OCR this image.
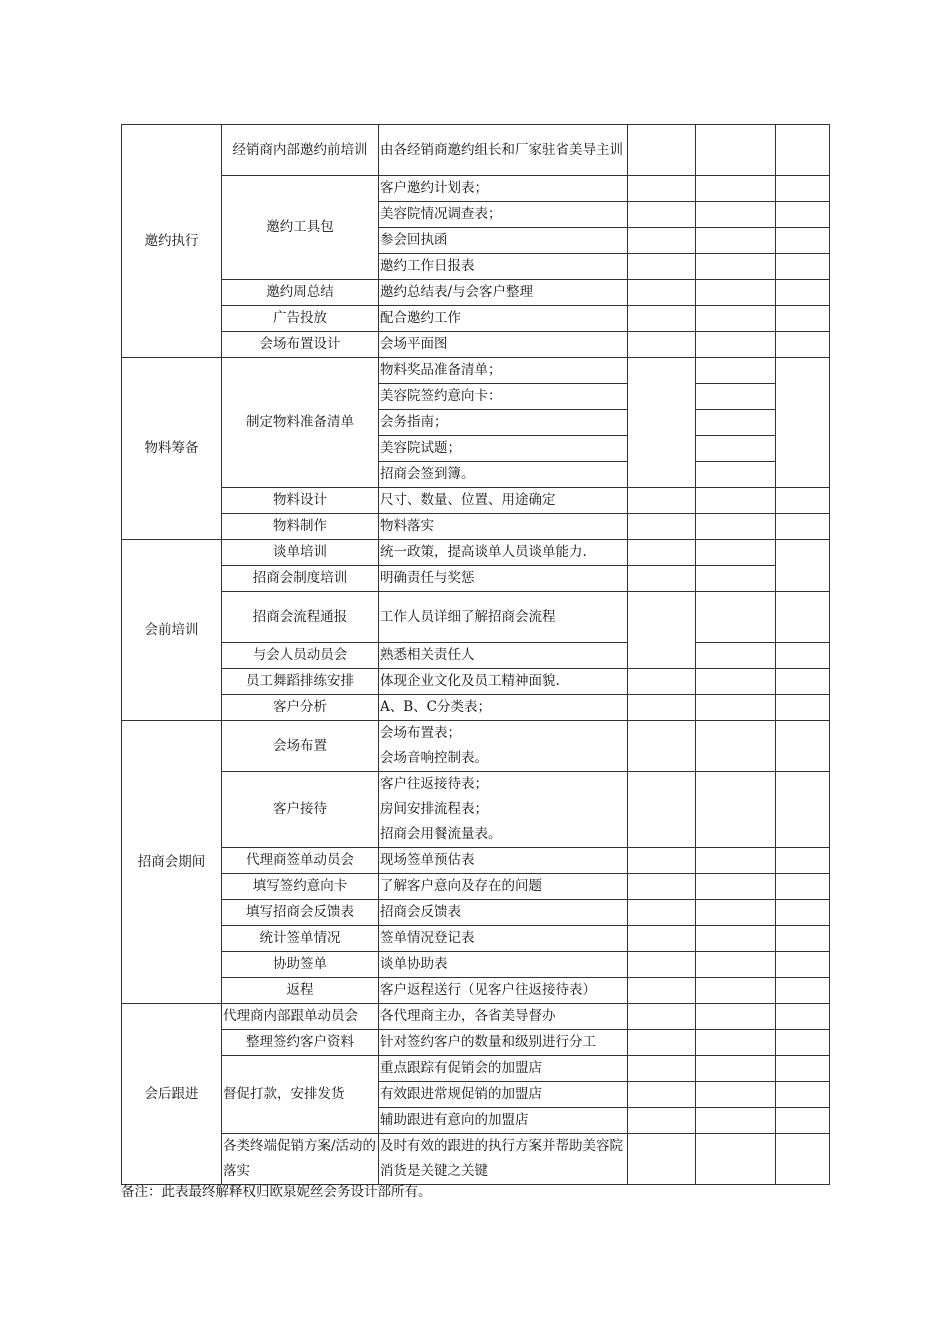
邀约执行	经销商内部邀约前培训	由各经销商邀约组长和厂家驻省美导主训			
	邀约工具包	客户邀约计划表；			
		美容院情况调查表；			
		参会回执函			
		邀约工作日报表			
	邀约周总结	邀约总结表/与会客户整理			
	广告投放	配合邀约工作			
	会场布置设计	会场平面图			
物料筹备	制定物料准备清单	物料奖品准备清单；			
		美容院签约意向卡：			
		会务指南；			
		美容院试题；			
		招商会签到簿。			
	物料设计	尺寸、数量、位置、用途确定			
	物料制作	物料落实			
会前培训	谈单培训	统一政策，提高谈单人员谈单能力.			
	招商会制度培训	明确责任与奖惩			
	招商会流程通报	工作人员详细了解招商会流程			
	与会人员动员会	熟悉相关责任人			
	员工舞蹈排练安排	体现企业文化及员工精神面貌.			
	客户分析	A、B、C分类表；			
招商会期间	会场布置	会场布置表；
会场音响控制表。			

	客户接待	客户往返接待表；
房间安排流程表；
招商会用餐流量表。			

	代理商签单动员会	现场签单预估表			
	填写签约意向卡	了解客户意向及存在的问题			
	填写招商会反馈表	招商会反馈表			
	统计签单情况	签单情况登记表			
	协助签单	谈单协助表			
	返程	客户返程送行（见客户往返接待表）			
会后跟进	代理商内部跟单动员会	各代理商主办，各省美导督办			
	整理签约客户资料	针对签约客户的数量和级别进行分工			
	督促打款，安排发货	重点跟踪有促销会的加盟店			
		有效跟进常规促销的加盟店			
		辅助跟进有意向的加盟店			
	各类终端促销方案/活动的落实	及时有效的跟进的执行方案并帮助美容院消货是关键之关键			
备注：此表最终解释权归欧泉妮丝会务设计部所有。
